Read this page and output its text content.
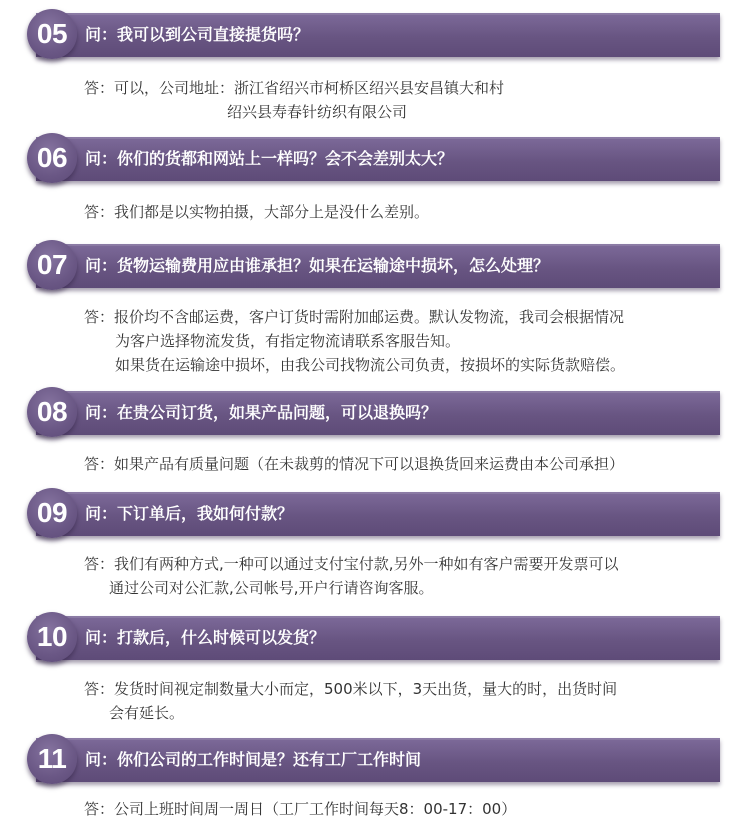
05	问：我可以到公司直接提货吗？
答：可以，公司地址：浙江省绍兴市柯桥区绍兴县安昌镇大和村
绍兴县寿春针纺织有限公司
06	问：你们的货都和网站上一样吗？会不会差别太大？
答：我们都是以实物拍摄，大部分上是没什么差别。
07	问：货物运输费用应由谁承担？如果在运输途中损坏，怎么处理？
答：报价均不含邮运费，客户订货时需附加邮运费。默认发物流，我司会根据情况
为客户选择物流发货，有指定物流请联系客服告知。
如果货在运输途中损坏，由我公司找物流公司负责，按损坏的实际货款赔偿。
08	问：在贵公司订货，如果产品问题，可以退换吗？
答：如果产品有质量问题（在未裁剪的情况下可以退换货回来运费由本公司承担）
09	问：下订单后，我如何付款？
答：我们有两种方式,一种可以通过支付宝付款,另外一种如有客户需要开发票可以
通过公司对公汇款,公司帐号,开户行请咨询客服。
10	问：打款后，什么时候可以发货？
答：发货时间视定制数量大小而定，500米以下，3天出货，量大的时，出货时间
会有延长。
11	问：你们公司的工作时间是？还有工厂工作时间
答：公司上班时间周一周日（工厂工作时间每天8：00-17：00）
